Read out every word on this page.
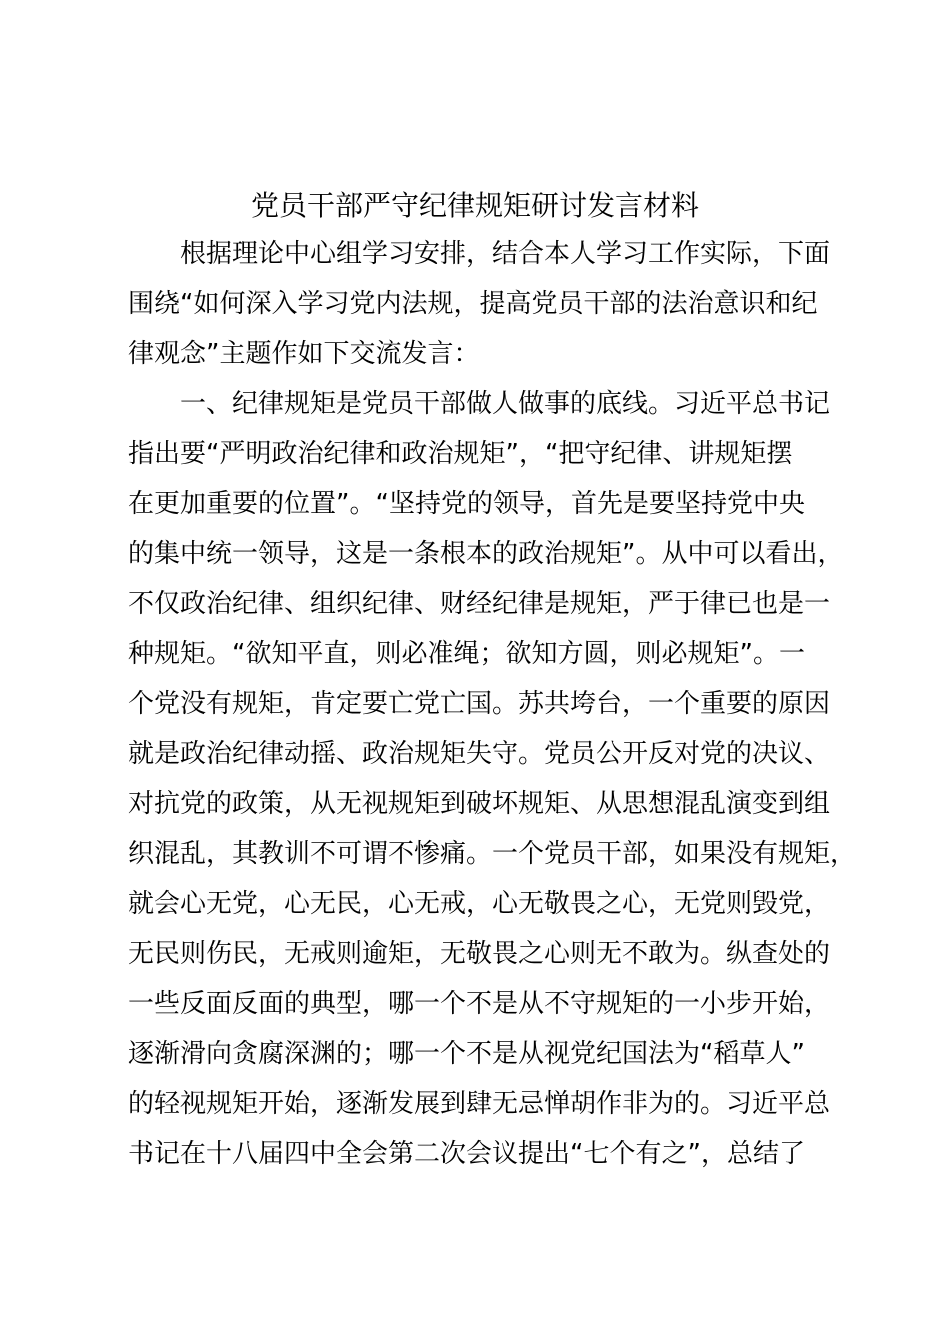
党员干部严守纪律规矩研讨发言材料
　　根据理论中心组学习安排，结合本人学习工作实际，下面
围绕“如何深入学习党内法规，提高党员干部的法治意识和纪
律观念”主题作如下交流发言：
　　一、纪律规矩是党员干部做人做事的底线。习近平总书记
指出要“严明政治纪律和政治规矩”，“把守纪律、讲规矩摆
在更加重要的位置”。“坚持党的领导，首先是要坚持党中央
的集中统一领导，这是一条根本的政治规矩”。从中可以看出，
不仅政治纪律、组织纪律、财经纪律是规矩，严于律已也是一
种规矩。“欲知平直，则必准绳；欲知方圆，则必规矩”。一
个党没有规矩，肯定要亡党亡国。苏共垮台，一个重要的原因
就是政治纪律动摇、政治规矩失守。党员公开反对党的决议、
对抗党的政策，从无视规矩到破坏规矩、从思想混乱演变到组
织混乱，其教训不可谓不惨痛。一个党员干部，如果没有规矩，
就会心无党，心无民，心无戒，心无敬畏之心，无党则毁党，
无民则伤民，无戒则逾矩，无敬畏之心则无不敢为。纵查处的
一些反面反面的典型，哪一个不是从不守规矩的一小步开始，
逐渐滑向贪腐深渊的；哪一个不是从视党纪国法为“稻草人”
的轻视规矩开始，逐渐发展到肆无忌惮胡作非为的。习近平总
书记在十八届四中全会第二次会议提出“七个有之”，总结了
